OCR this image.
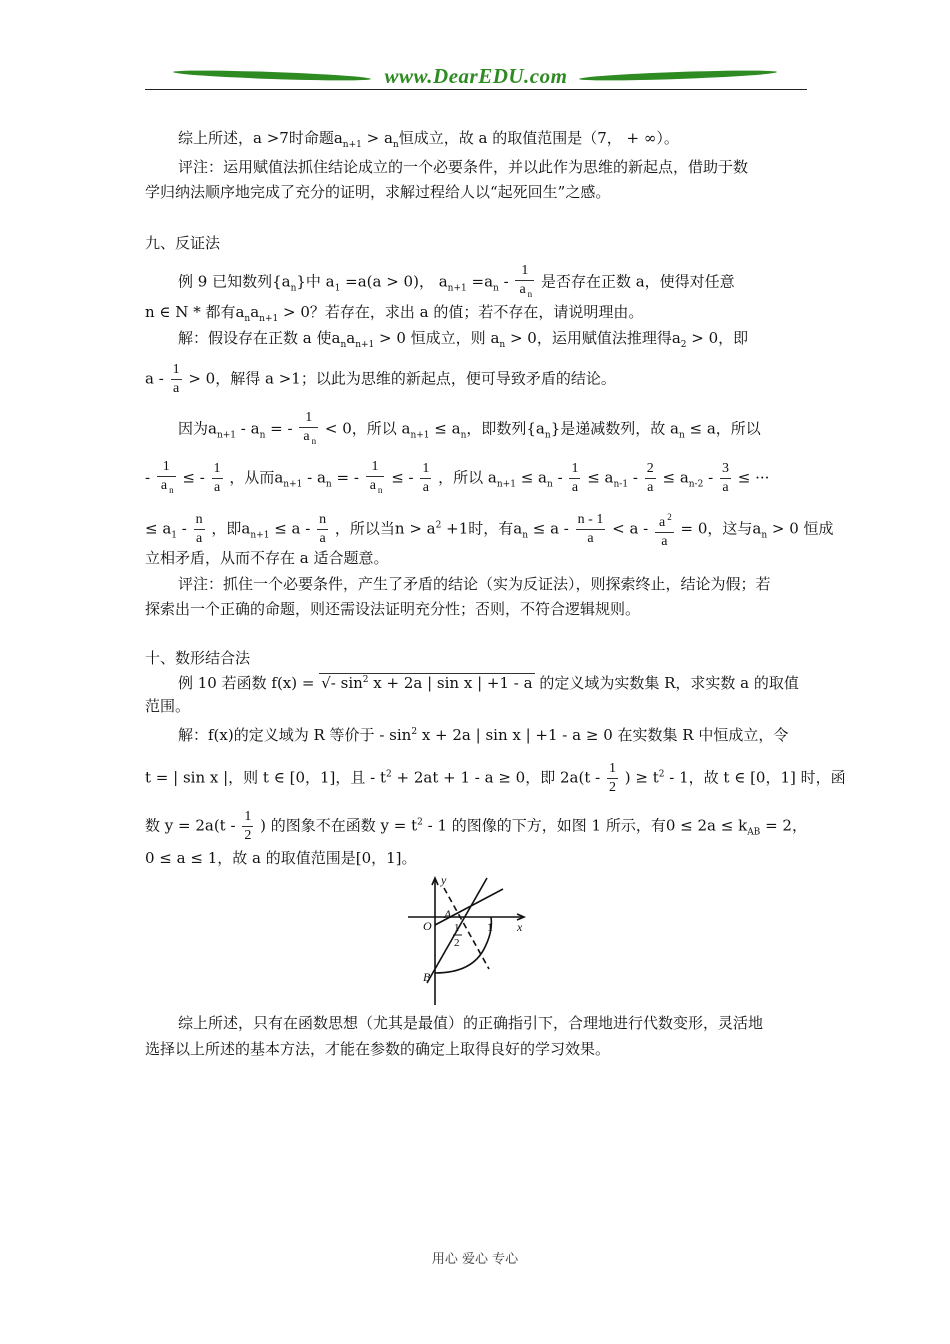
www.DearEDU.com
综上所述，a >7时命题$a_{n+1} > a_n$恒成立，故 a 的取值范围是（7， + ∞）。
评注：运用赋值法抓住结论成立的一个必要条件，并以此作为思维的新起点，借助于数
学归纳法顺序地完成了充分的证明，求解过程给人以“起死回生”之感。
九、反证法
例 9 已知数列$\{a_n\}$中 $a_1 =a(a > 0)$， $a_{n+1} =a_n - \frac{1}{a _n}$ 是否存在正数 a，使得对任意
n ∈ N * 都有$a_na_{n+1} > 0$？若存在，求出 a 的值；若不存在，请说明理由。
解：假设存在正数 a 使$a_na_{n+1} > 0$ 恒成立，则 $a_n > 0$，运用赋值法推理得$a_2 > 0$，即
$a - \frac{1}{a} > 0$，解得 a >1；以此为思维的新起点，便可导致矛盾的结论。
因为$a_{n+1} - a_n$ = - $\frac{1}{a _n} < 0$，所以 $a_{n+1} \le a_n$，即数列$\{a_n\}$是递减数列，故 $a_n \le a$，所以
- $\frac{1}{a _n}$ ≤ - $\frac{1}{a}$ ，从而$a_{n+1} - a_n$ = - $\frac{1}{a _n}$ ≤ - $\frac{1}{a}$ ，所以 $a_{n+1} \le a_n - \frac{1}{a} \le a_{n-1} - \frac{2}{a} \le a_{n-2} - \frac{3}{a}$ ≤ ···
≤ $a_1 - \frac{n}{a}$ ，即$a_{n+1} \le a - \frac{n}{a}$ ，所以当$n > a^2 +1$时，有$a_n \le a - \frac{n - 1}{a} < a - \frac{a ^2}{a} = 0$，这与$a_n > 0$ 恒成
立相矛盾，从而不存在 a 适合题意。
评注：抓住一个必要条件，产生了矛盾的结论（实为反证法），则探索终止，结论为假；若
探索出一个正确的命题，则还需设法证明充分性；否则，不符合逻辑规则。
十、数形结合法
例 10 若函数 f(x) = √- $\sin^2 x + 2a$ | sin x | +1 - a 的定义域为实数集 R，求实数 a 的取值
范围。
解：f(x)的定义域为 R 等价于 - $\sin^2 x + 2a$ | sin x | +1 - a ≥ 0 在实数集 R 中恒成立，令
t = | sin x |，则 t ∈ [0，1]，且 - $t^2 + 2at + 1 - a \ge 0$，即 $2a(t - \frac{1}{2}$ ) ≥ $t^2 - 1$，故 t ∈ [0，1] 时，函
数 $y = 2a(t - \frac{1}{2}$ ) 的图象不在函数 $y = t^2 - 1$ 的图像的下方，如图 1 所示，有$0 \le 2a \le k_{AB} = 2$，
0 ≤ a ≤ 1，故 a 的取值范围是[0，1]。
y
x
O
A
B
1
1
2
综上所述，只有在函数思想（尤其是最值）的正确指引下，合理地进行代数变形，灵活地
选择以上所述的基本方法，才能在参数的确定上取得良好的学习效果。
用心 爱心 专心
